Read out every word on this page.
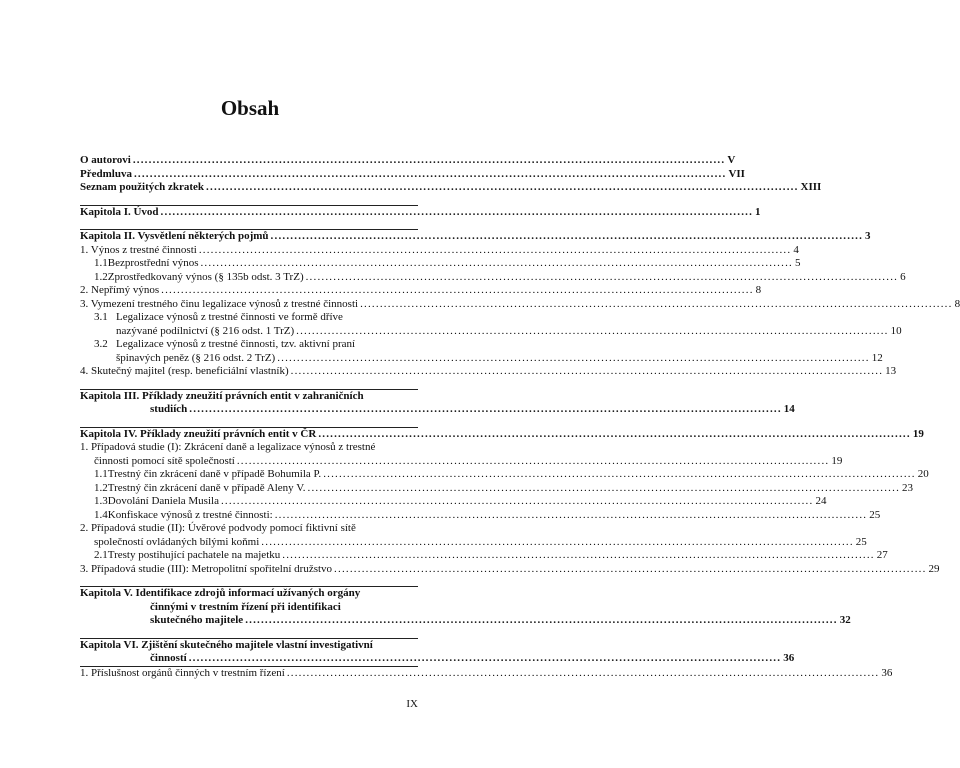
Obsah
O autorovi .....	V
Předmluva .....	VII
Seznam použitých zkratek .....	XIII
Kapitola I. Úvod .....	1
Kapitola II. Vysvětlení některých pojmů .....	3
1. Výnos z trestné činnosti .....	4
1.1 Bezprostřední výnos .....	5
1.2 Zprostředkovaný výnos (§ 135b odst. 3 TrZ) .....	6
2. Nepřímý výnos .....	8
3. Vymezení trestného činu legalizace výnosů z trestné činnosti .....	8
3.1 Legalizace výnosů z trestné činnosti ve formě dříve
nazývané podílnictví (§ 216 odst. 1 TrZ) .....	10
3.2 Legalizace výnosů z trestné činnosti, tzv. aktivní praní
špinavých peněz (§ 216 odst. 2 TrZ) .....	12
4. Skutečný majitel (resp. beneficiální vlastník) .....	13
Kapitola III. Příklady zneužití právních entit v zahraničních
studiích .....	14
Kapitola IV. Příklady zneužití právních entit v ČR .....	19
1. Případová studie (I): Zkrácení daně a legalizace výnosů z trestné
činnosti pomocí sítě společností .....	19
1.1 Trestný čin zkrácení daně v případě Bohumila P. .....	20
1.2 Trestný čin zkrácení daně v případě Aleny V. .....	23
1.3 Dovolání Daniela Musila .....	24
1.4 Konfiskace výnosů z trestné činnosti: .....	25
2. Případová studie (II): Úvěrové podvody pomocí fiktivní sítě
společností ovládaných bílými koňmi .....	25
2.1 Tresty postihující pachatele na majetku .....	27
3. Případová studie (III): Metropolitní spořitelní družstvo .....	29
Kapitola V. Identifikace zdrojů informací užívaných orgány
činnými v trestním řízení při identifikaci
skutečného majitele .....	32
Kapitola VI. Zjištění skutečného majitele vlastní investigativní
činností .....	36
1. Příslušnost orgánů činných v trestním řízení .....	36
IX
